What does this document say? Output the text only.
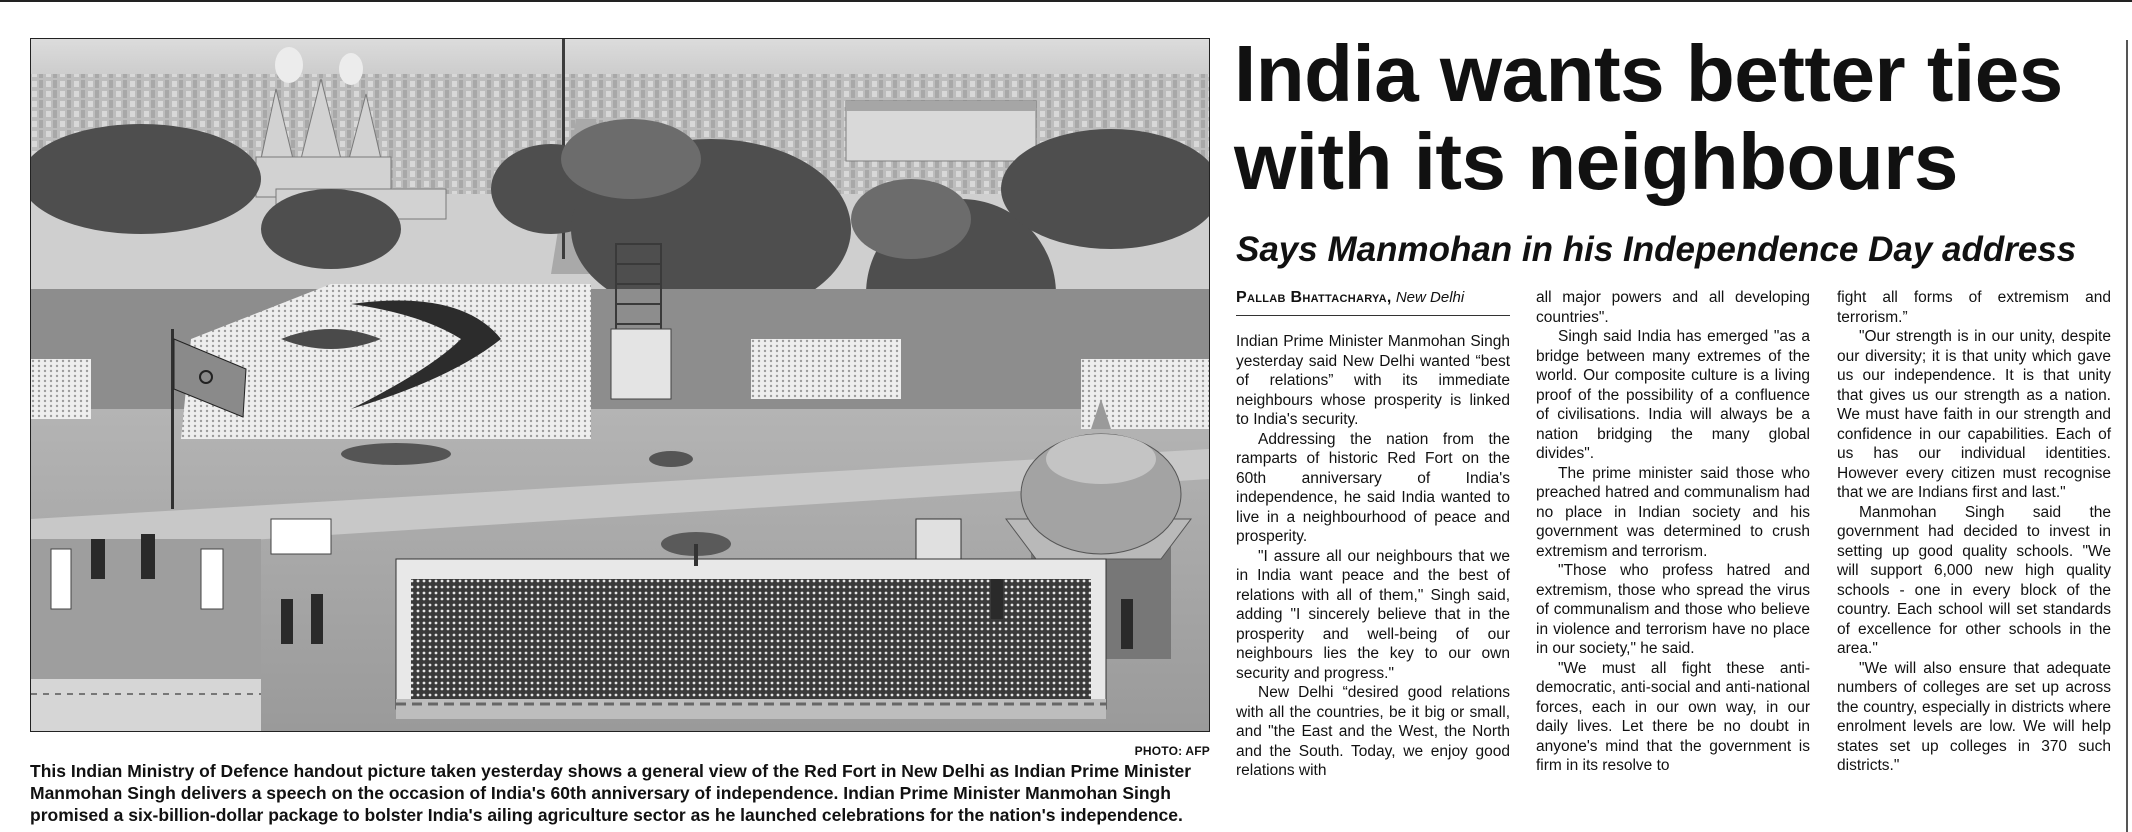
PHOTO: AFP

This Indian Ministry of Defence handout picture taken yesterday shows a general view of the Red Fort in New Delhi as Indian Prime Minister Manmohan Singh delivers a speech on the occasion of India's 60th anniversary of independence. Indian Prime Minister Manmohan Singh promised a six-billion-dollar package to bolster India's ailing agriculture sector as he launched celebrations for the nation's independence.

India wants better ties with its neighbours
Says Manmohan in his Independence Day address
Pallab Bhattacharya, New Delhi

Indian Prime Minister Manmohan Singh yesterday said New Delhi wanted “best of relations” with its immediate neighbours whose prosperity is linked to India's security.

Addressing the nation from the ramparts of historic Red Fort on the 60th anniversary of India's independence, he said India wanted to live in a neighbourhood of peace and prosperity.

"I assure all our neighbours that we in India want peace and the best of relations with all of them," Singh said, adding "I sincerely believe that in the prosperity and well-being of our neighbours lies the key to our own security and progress."

New Delhi “desired good relations with all the countries, be it big or small, and "the East and the West, the North and the South. Today, we enjoy good relations with

all major powers and all developing countries".

Singh said India has emerged "as a bridge between many extremes of the world. Our composite culture is a living proof of the possibility of a confluence of civilisations. India will always be a nation bridging the many global divides".

The prime minister said those who preached hatred and communalism had no place in Indian society and his government was determined to crush extremism and terrorism.

"Those who profess hatred and extremism, those who spread the virus of communalism and those who believe in violence and terrorism have no place in our society," he said.

"We must all fight these anti-democratic, anti-social and anti-national forces, each in our own way, in our daily lives. Let there be no doubt in anyone's mind that the government is firm in its resolve to

fight all forms of extremism and terrorism.”

"Our strength is in our unity, despite our diversity; it is that unity which gave us our independence. It is that unity that gives us our strength as a nation. We must have faith in our strength and confidence in our capabilities. Each of us has our individual identities. However every citizen must recognise that we are Indians first and last."

Manmohan Singh said the government had decided to invest in setting up good quality schools. "We will support 6,000 new high quality schools - one in every block of the country. Each school will set standards of excellence for other schools in the area."

"We will also ensure that adequate numbers of colleges are set up across the country, especially in districts where enrolment levels are low. We will help states set up colleges in 370 such districts."
